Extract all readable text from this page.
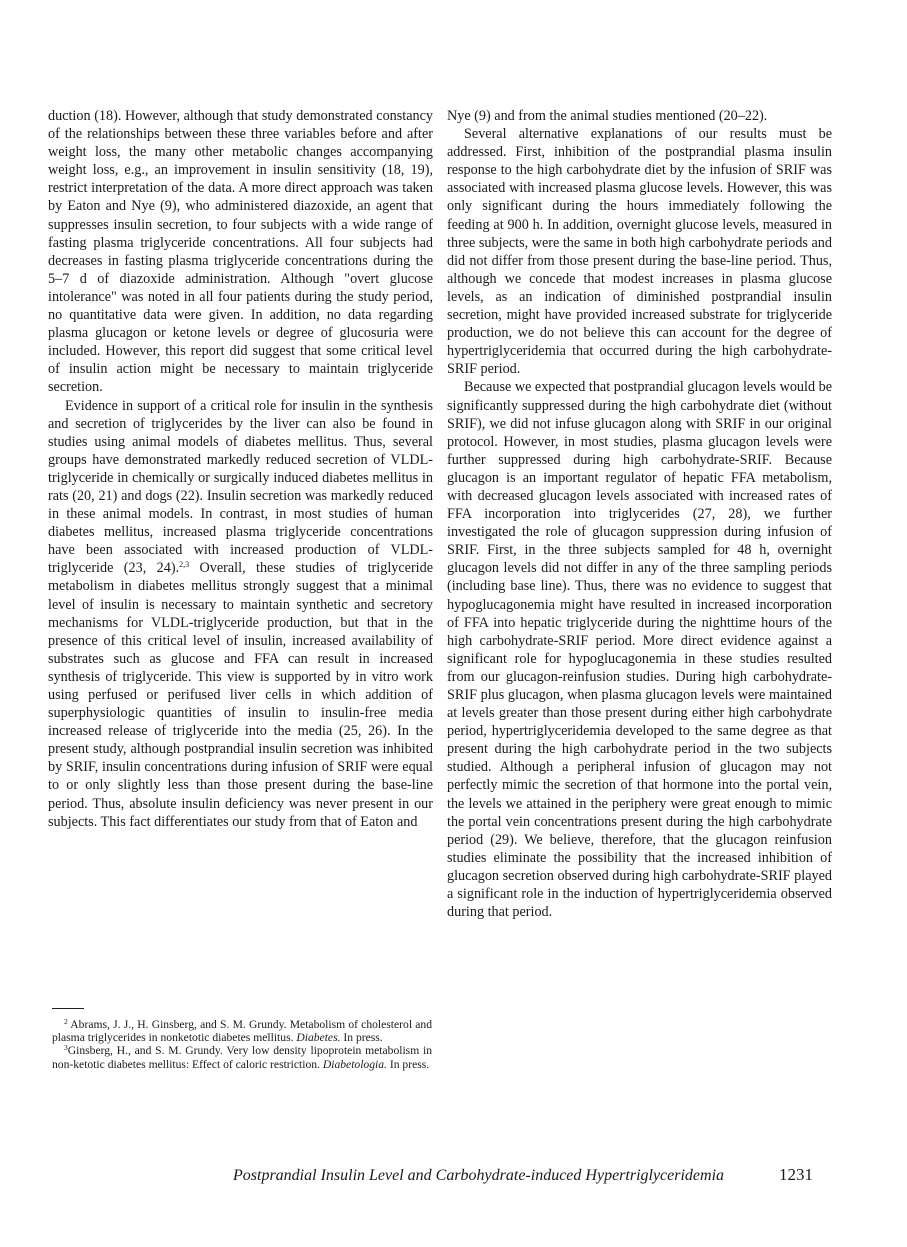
duction (18). However, although that study demonstrated constancy of the relationships between these three variables before and after weight loss, the many other metabolic changes accompanying weight loss, e.g., an improvement in insulin sensitivity (18, 19), restrict interpretation of the data. A more direct approach was taken by Eaton and Nye (9), who administered diazoxide, an agent that suppresses insulin secretion, to four subjects with a wide range of fasting plasma triglyceride concentrations. All four subjects had decreases in fasting plasma triglyceride concentrations during the 5–7 d of diazoxide administration. Although "overt glucose intolerance" was noted in all four patients during the study period, no quantitative data were given. In addition, no data regarding plasma glucagon or ketone levels or degree of glucosuria were included. However, this report did suggest that some critical level of insulin action might be necessary to maintain triglyceride secretion.

Evidence in support of a critical role for insulin in the synthesis and secretion of triglycerides by the liver can also be found in studies using animal models of diabetes mellitus. Thus, several groups have demonstrated markedly reduced secretion of VLDL-triglyceride in chemically or surgically induced diabetes mellitus in rats (20, 21) and dogs (22). Insulin secretion was markedly reduced in these animal models. In contrast, in most studies of human diabetes mellitus, increased plasma triglyceride concentrations have been associated with increased production of VLDL-triglyceride (23, 24).$^{2,3}$ Overall, these studies of triglyceride metabolism in diabetes mellitus strongly suggest that a minimal level of insulin is necessary to maintain synthetic and secretory mechanisms for VLDL-triglyceride production, but that in the presence of this critical level of insulin, increased availability of substrates such as glucose and FFA can result in increased synthesis of triglyceride. This view is supported by in vitro work using perfused or perifused liver cells in which addition of superphysiologic quantities of insulin to insulin-free media increased release of triglyceride into the media (25, 26). In the present study, although postprandial insulin secretion was inhibited by SRIF, insulin concentrations during infusion of SRIF were equal to or only slightly less than those present during the base-line period. Thus, absolute insulin deficiency was never present in our subjects. This fact differentiates our study from that of Eaton and

Nye (9) and from the animal studies mentioned (20–22).

Several alternative explanations of our results must be addressed. First, inhibition of the postprandial plasma insulin response to the high carbohydrate diet by the infusion of SRIF was associated with increased plasma glucose levels. However, this was only significant during the hours immediately following the feeding at 900 h. In addition, overnight glucose levels, measured in three subjects, were the same in both high carbohydrate periods and did not differ from those present during the base-line period. Thus, although we concede that modest increases in plasma glucose levels, as an indication of diminished postprandial insulin secretion, might have provided increased substrate for triglyceride production, we do not believe this can account for the degree of hypertriglyceridemia that occurred during the high carbohydrate-SRIF period.

Because we expected that postprandial glucagon levels would be significantly suppressed during the high carbohydrate diet (without SRIF), we did not infuse glucagon along with SRIF in our original protocol. However, in most studies, plasma glucagon levels were further suppressed during high carbohydrate-SRIF. Because glucagon is an important regulator of hepatic FFA metabolism, with decreased glucagon levels associated with increased rates of FFA incorporation into triglycerides (27, 28), we further investigated the role of glucagon suppression during infusion of SRIF. First, in the three subjects sampled for 48 h, overnight glucagon levels did not differ in any of the three sampling periods (including base line). Thus, there was no evidence to suggest that hypoglucagonemia might have resulted in increased incorporation of FFA into hepatic triglyceride during the nighttime hours of the high carbohydrate-SRIF period. More direct evidence against a significant role for hypoglucagonemia in these studies resulted from our glucagon-reinfusion studies. During high carbohydrate-SRIF plus glucagon, when plasma glucagon levels were maintained at levels greater than those present during either high carbohydrate period, hypertriglyceridemia developed to the same degree as that present during the high carbohydrate period in the two subjects studied. Although a peripheral infusion of glucagon may not perfectly mimic the secretion of that hormone into the portal vein, the levels we attained in the periphery were great enough to mimic the portal vein concentrations present during the high carbohydrate period (29). We believe, therefore, that the glucagon reinfusion studies eliminate the possibility that the increased inhibition of glucagon secretion observed during high carbohydrate-SRIF played a significant role in the induction of hypertriglyceridemia observed during that period.

$^2$ Abrams, J. J., H. Ginsberg, and S. M. Grundy. Metabolism of cholesterol and plasma triglycerides in nonketotic diabetes mellitus. Diabetes. In press.

$^3$Ginsberg, H., and S. M. Grundy. Very low density lipoprotein metabolism in non-ketotic diabetes mellitus: Effect of caloric restriction. Diabetologia. In press.

Postprandial Insulin Level and Carbohydrate-induced Hypertriglyceridemia	1231
